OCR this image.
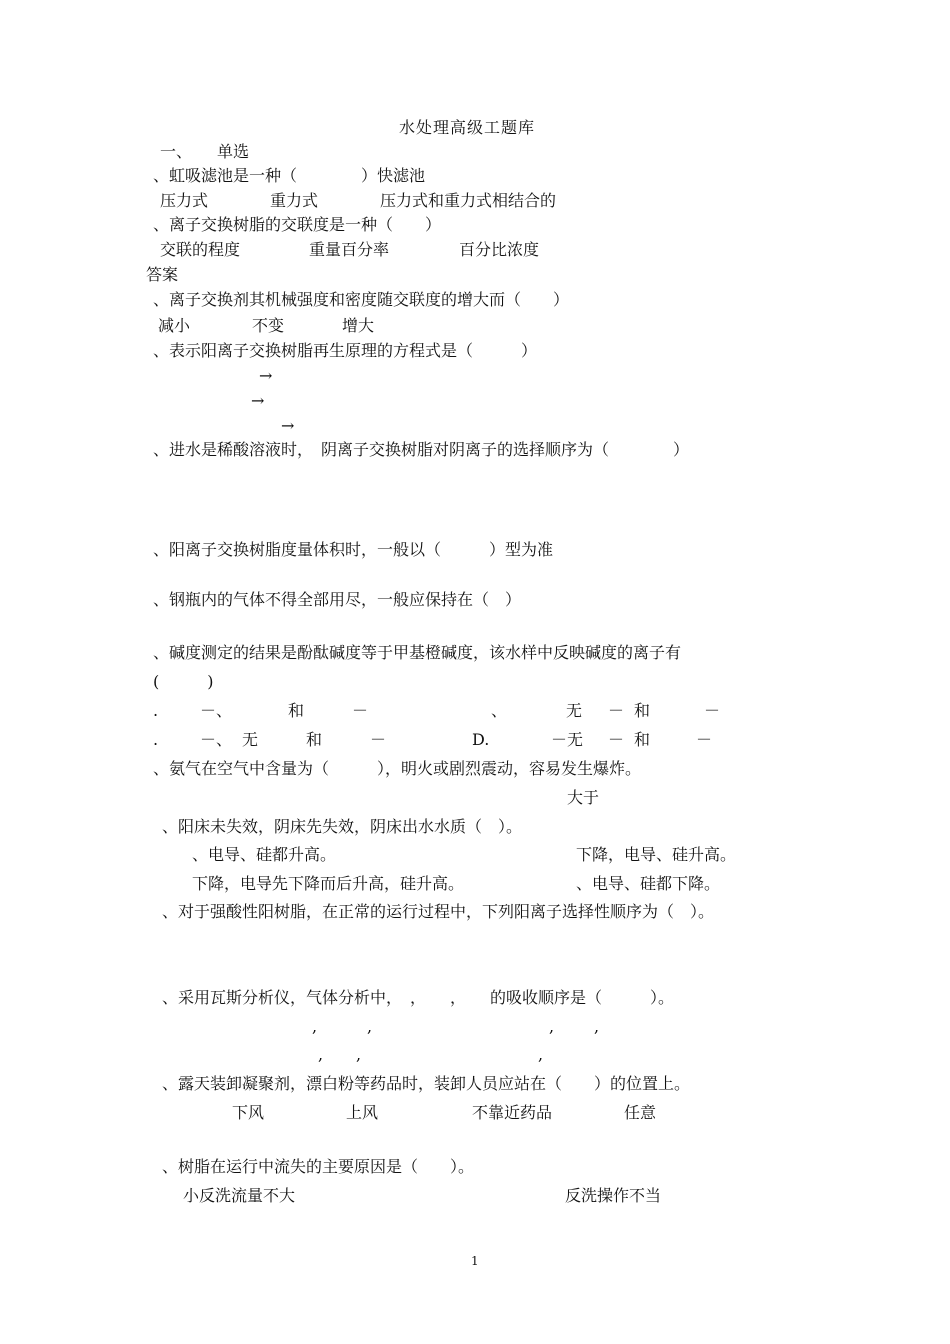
水处理高级工题库
一、 单选
、虹吸滤池是一种（　　　　）快滤池
压力式	重力式	压力式和重力式相结合的
、离子交换树脂的交联度是一种（　　）
交联的程度	重量百分率	百分比浓度
答案
、离子交换剂其机械强度和密度随交联度的增大而（　　）
减小	不变	增大
、表示阳离子交换树脂再生原理的方程式是（　　　）
→
→
→
、进水是稀酸溶液时，　阴离子交换树脂对阴离子的选择顺序为（　　　　）
、阳离子交换树脂度量体积时，一般以（　　　）型为准
、钢瓶内的气体不得全部用尽，一般应保持在（　）
、碱度测定的结果是酚酞碱度等于甲基橙碱度，该水样中反映碱度的离子有
(　　　)
.	－、	和	－	、	无 － 和	－
.	－、 无	和	－	D.	－无 － 和	－
、氨气在空气中含量为（　　　），明火或剧烈震动，容易发生爆炸。
大于
、阳床未失效，阴床先失效，阴床出水水质（　）。
、电导、硅都升高。	下降，电导、硅升高。
下降，电导先下降而后升高，硅升高。	、电导、硅都下降。
、对于强酸性阳树脂，在正常的运行过程中，下列阳离子选择性顺序为（　）。
、采用瓦斯分析仪，气体分析中，　，　　，　　的吸收顺序是（　　　）。
,	,	, ,
, ,	,
、露天装卸凝聚剂，漂白粉等药品时，装卸人员应站在（　　）的位置上。
下风	上风	不靠近药品	任意
、树脂在运行中流失的主要原因是（　　）。
小反洗流量不大	反洗操作不当
1
